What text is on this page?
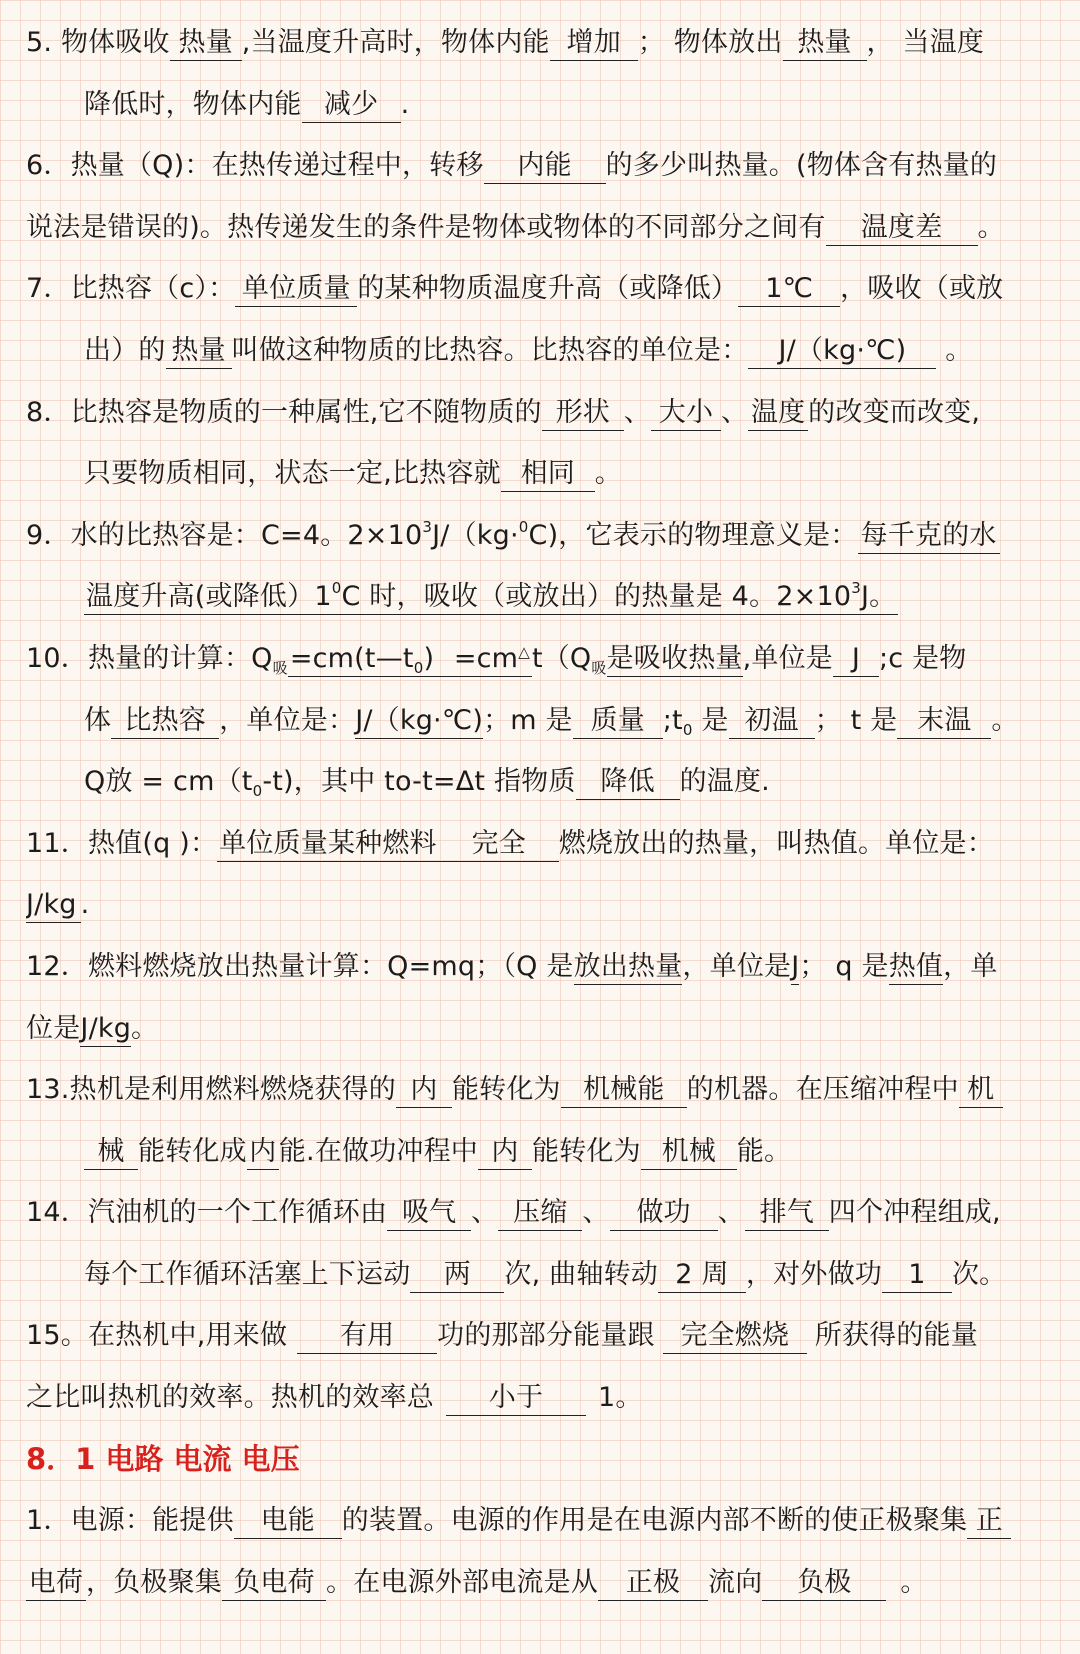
5. 物体吸收 热量 ,当温度升高时，物体内能 增加 ； 物体放出 热量 ， 当温度
降低时，物体内能 减少 .
6．热量（Q)：在热传递过程中，转移 内能 的多少叫热量。(物体含有热量的
说法是错误的)。热传递发生的条件是物体或物体的不同部分之间有 温度差 。
7．比热容（c）： 单位质量 的某种物质温度升高（或降低） 1℃ ，吸收（或放
出）的 热量 叫做这种物质的比热容。比热容的单位是： J/（kg·℃) 。
8．比热容是物质的一种属性,它不随物质的 形状 、 大小 、 温度 的改变而改变,
只要物质相同，状态一定,比热容就 相同 。
9．水的比热容是：C=4。$2\times 10^3J/(kg\cdot^0C)$，它表示的物理意义是： 每千克的水
温度升高(或降低）$1^0C$ 时，吸收（或放出）的热量是 4。$2\times 10^3J$。
10．热量的计算：$Q_吸=cm(t—t_0) =cm^\triangle t(Q_吸$是吸收热量,单位是 J ;c 是物
体 比热容 ，单位是：J/（kg·℃)；m 是 质量 $;t_0$ 是 初温 ； t 是 末温 。
Q放 = $cm(t_0-t)$，其中 to-t=Δt 指物质 降低 的温度.
11．热值(q )：单位质量某种燃料 完全 燃烧放出的热量，叫热值。单位是：
J/kg .
12．燃料燃烧放出热量计算：Q=mq；（Q 是放出热量，单位是J； q 是热值，单
位是J/kg。
13.热机是利用燃料燃烧获得的 内 能转化为 机械能 的机器。在压缩冲程中 机
械 能转化成内能.在做功冲程中 内 能转化为 机械 能。
14．汽油机的一个工作循环由 吸气 、 压缩 、 做功 、 排气 四个冲程组成,
每个工作循环活塞上下运动 两 次, 曲轴转动 2 周 ，对外做功 1 次。
15。在热机中,用来做 有用 功的那部分能量跟 完全燃烧 所获得的能量
之比叫热机的效率。热机的效率总 小于 1。
8．1 电路 电流 电压
1．电源：能提供 电能 的装置。电源的作用是在电源内部不断的使正极聚集 正
电荷 ，负极聚集 负电荷 。在电源外部电流是从 正极 流向 负极 。
